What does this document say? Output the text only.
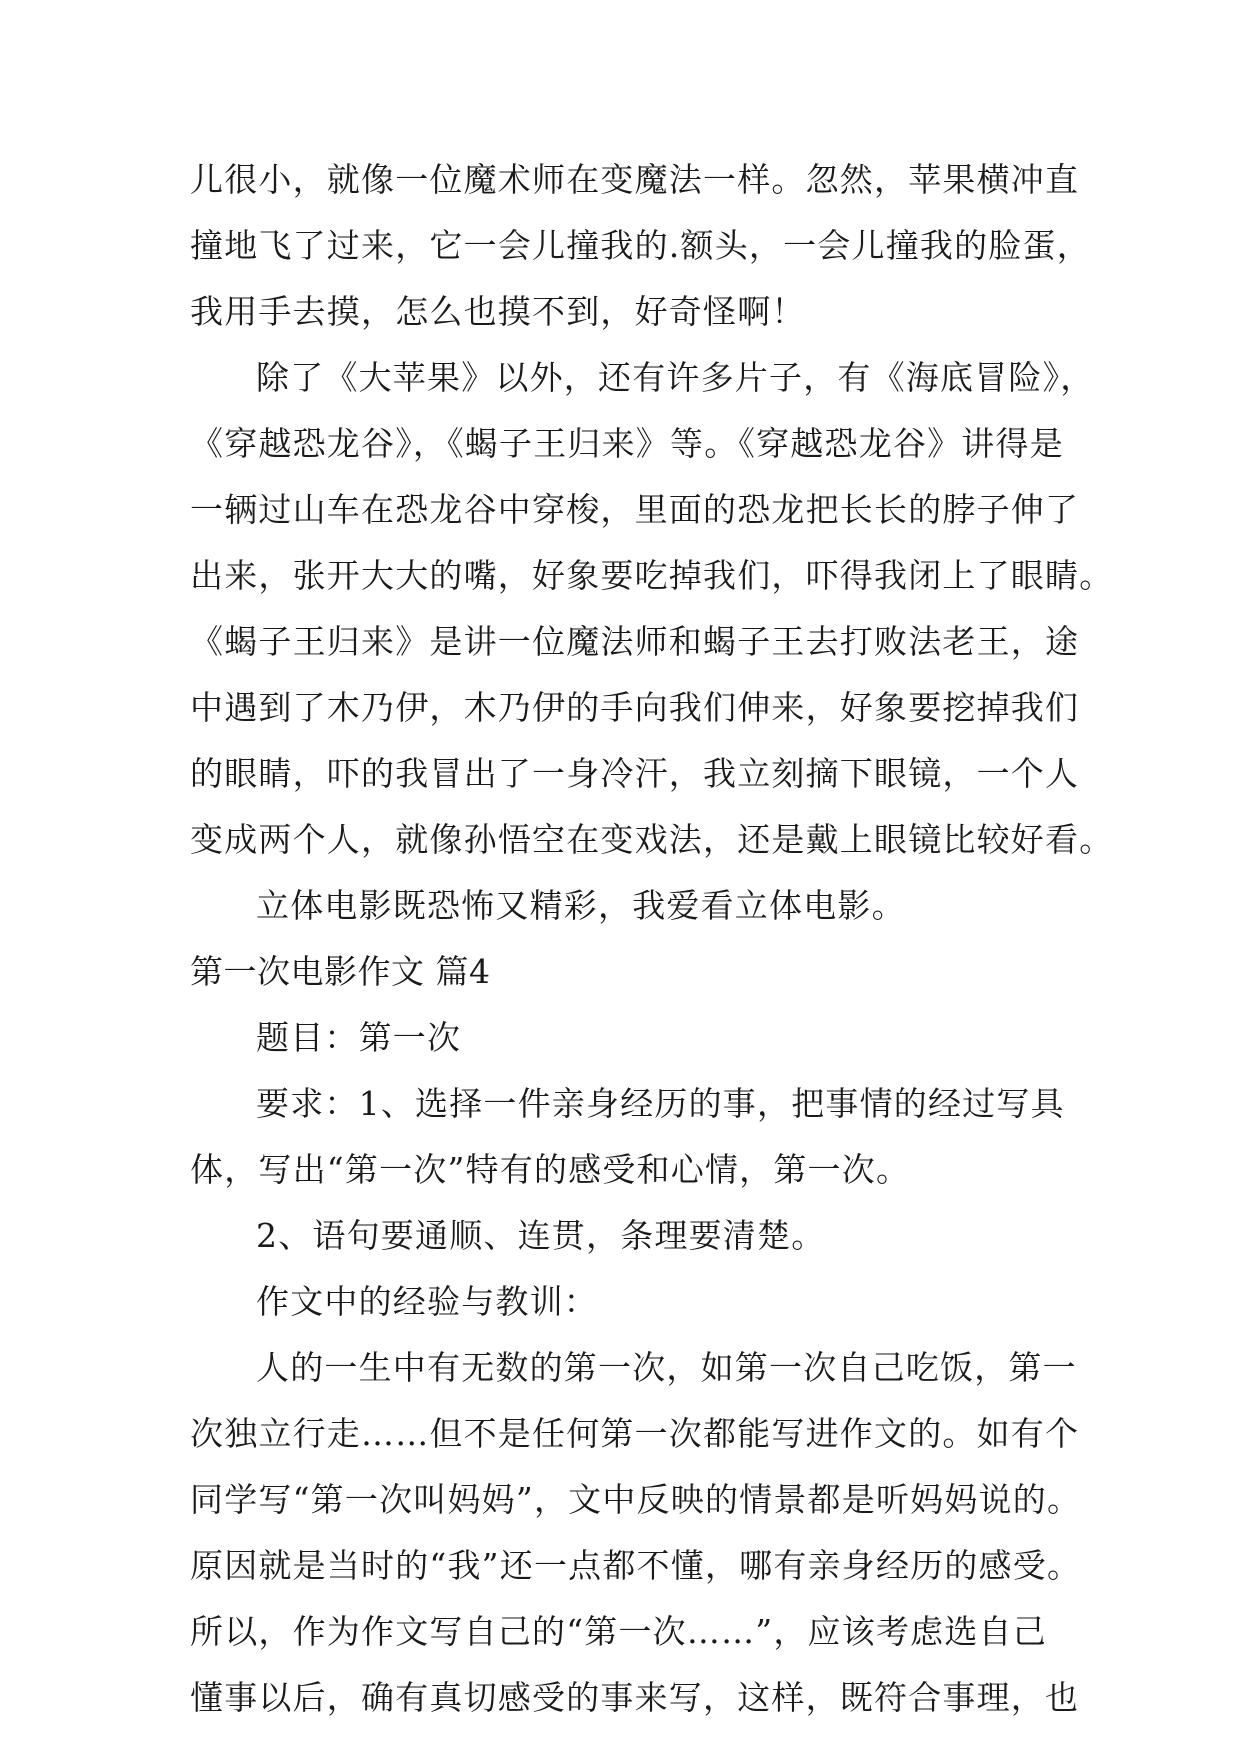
儿很小，就像一位魔术师在变魔法一样。忽然，苹果横冲直
撞地飞了过来，它一会儿撞我的.额头，一会儿撞我的脸蛋，
我用手去摸，怎么也摸不到，好奇怪啊！
除了《大苹果》以外，还有许多片子，有《海底冒险》，
《穿越恐龙谷》，《蝎子王归来》等。《穿越恐龙谷》讲得是
一辆过山车在恐龙谷中穿梭，里面的恐龙把长长的脖子伸了
出来，张开大大的嘴，好象要吃掉我们，吓得我闭上了眼睛。
《蝎子王归来》是讲一位魔法师和蝎子王去打败法老王，途
中遇到了木乃伊，木乃伊的手向我们伸来，好象要挖掉我们
的眼睛，吓的我冒出了一身冷汗，我立刻摘下眼镜，一个人
变成两个人，就像孙悟空在变戏法，还是戴上眼镜比较好看。
立体电影既恐怖又精彩，我爱看立体电影。
第一次电影作文 篇4
题目：第一次
要求：1、选择一件亲身经历的事，把事情的经过写具
体，写出“第一次”特有的感受和心情，第一次。
2、语句要通顺、连贯，条理要清楚。
作文中的经验与教训：
人的一生中有无数的第一次，如第一次自己吃饭，第一
次独立行走……但不是任何第一次都能写进作文的。如有个
同学写“第一次叫妈妈”，文中反映的情景都是听妈妈说的。
原因就是当时的“我”还一点都不懂，哪有亲身经历的感受。
所以，作为作文写自己的“第一次……”，应该考虑选自己
懂事以后，确有真切感受的事来写，这样，既符合事理，也
